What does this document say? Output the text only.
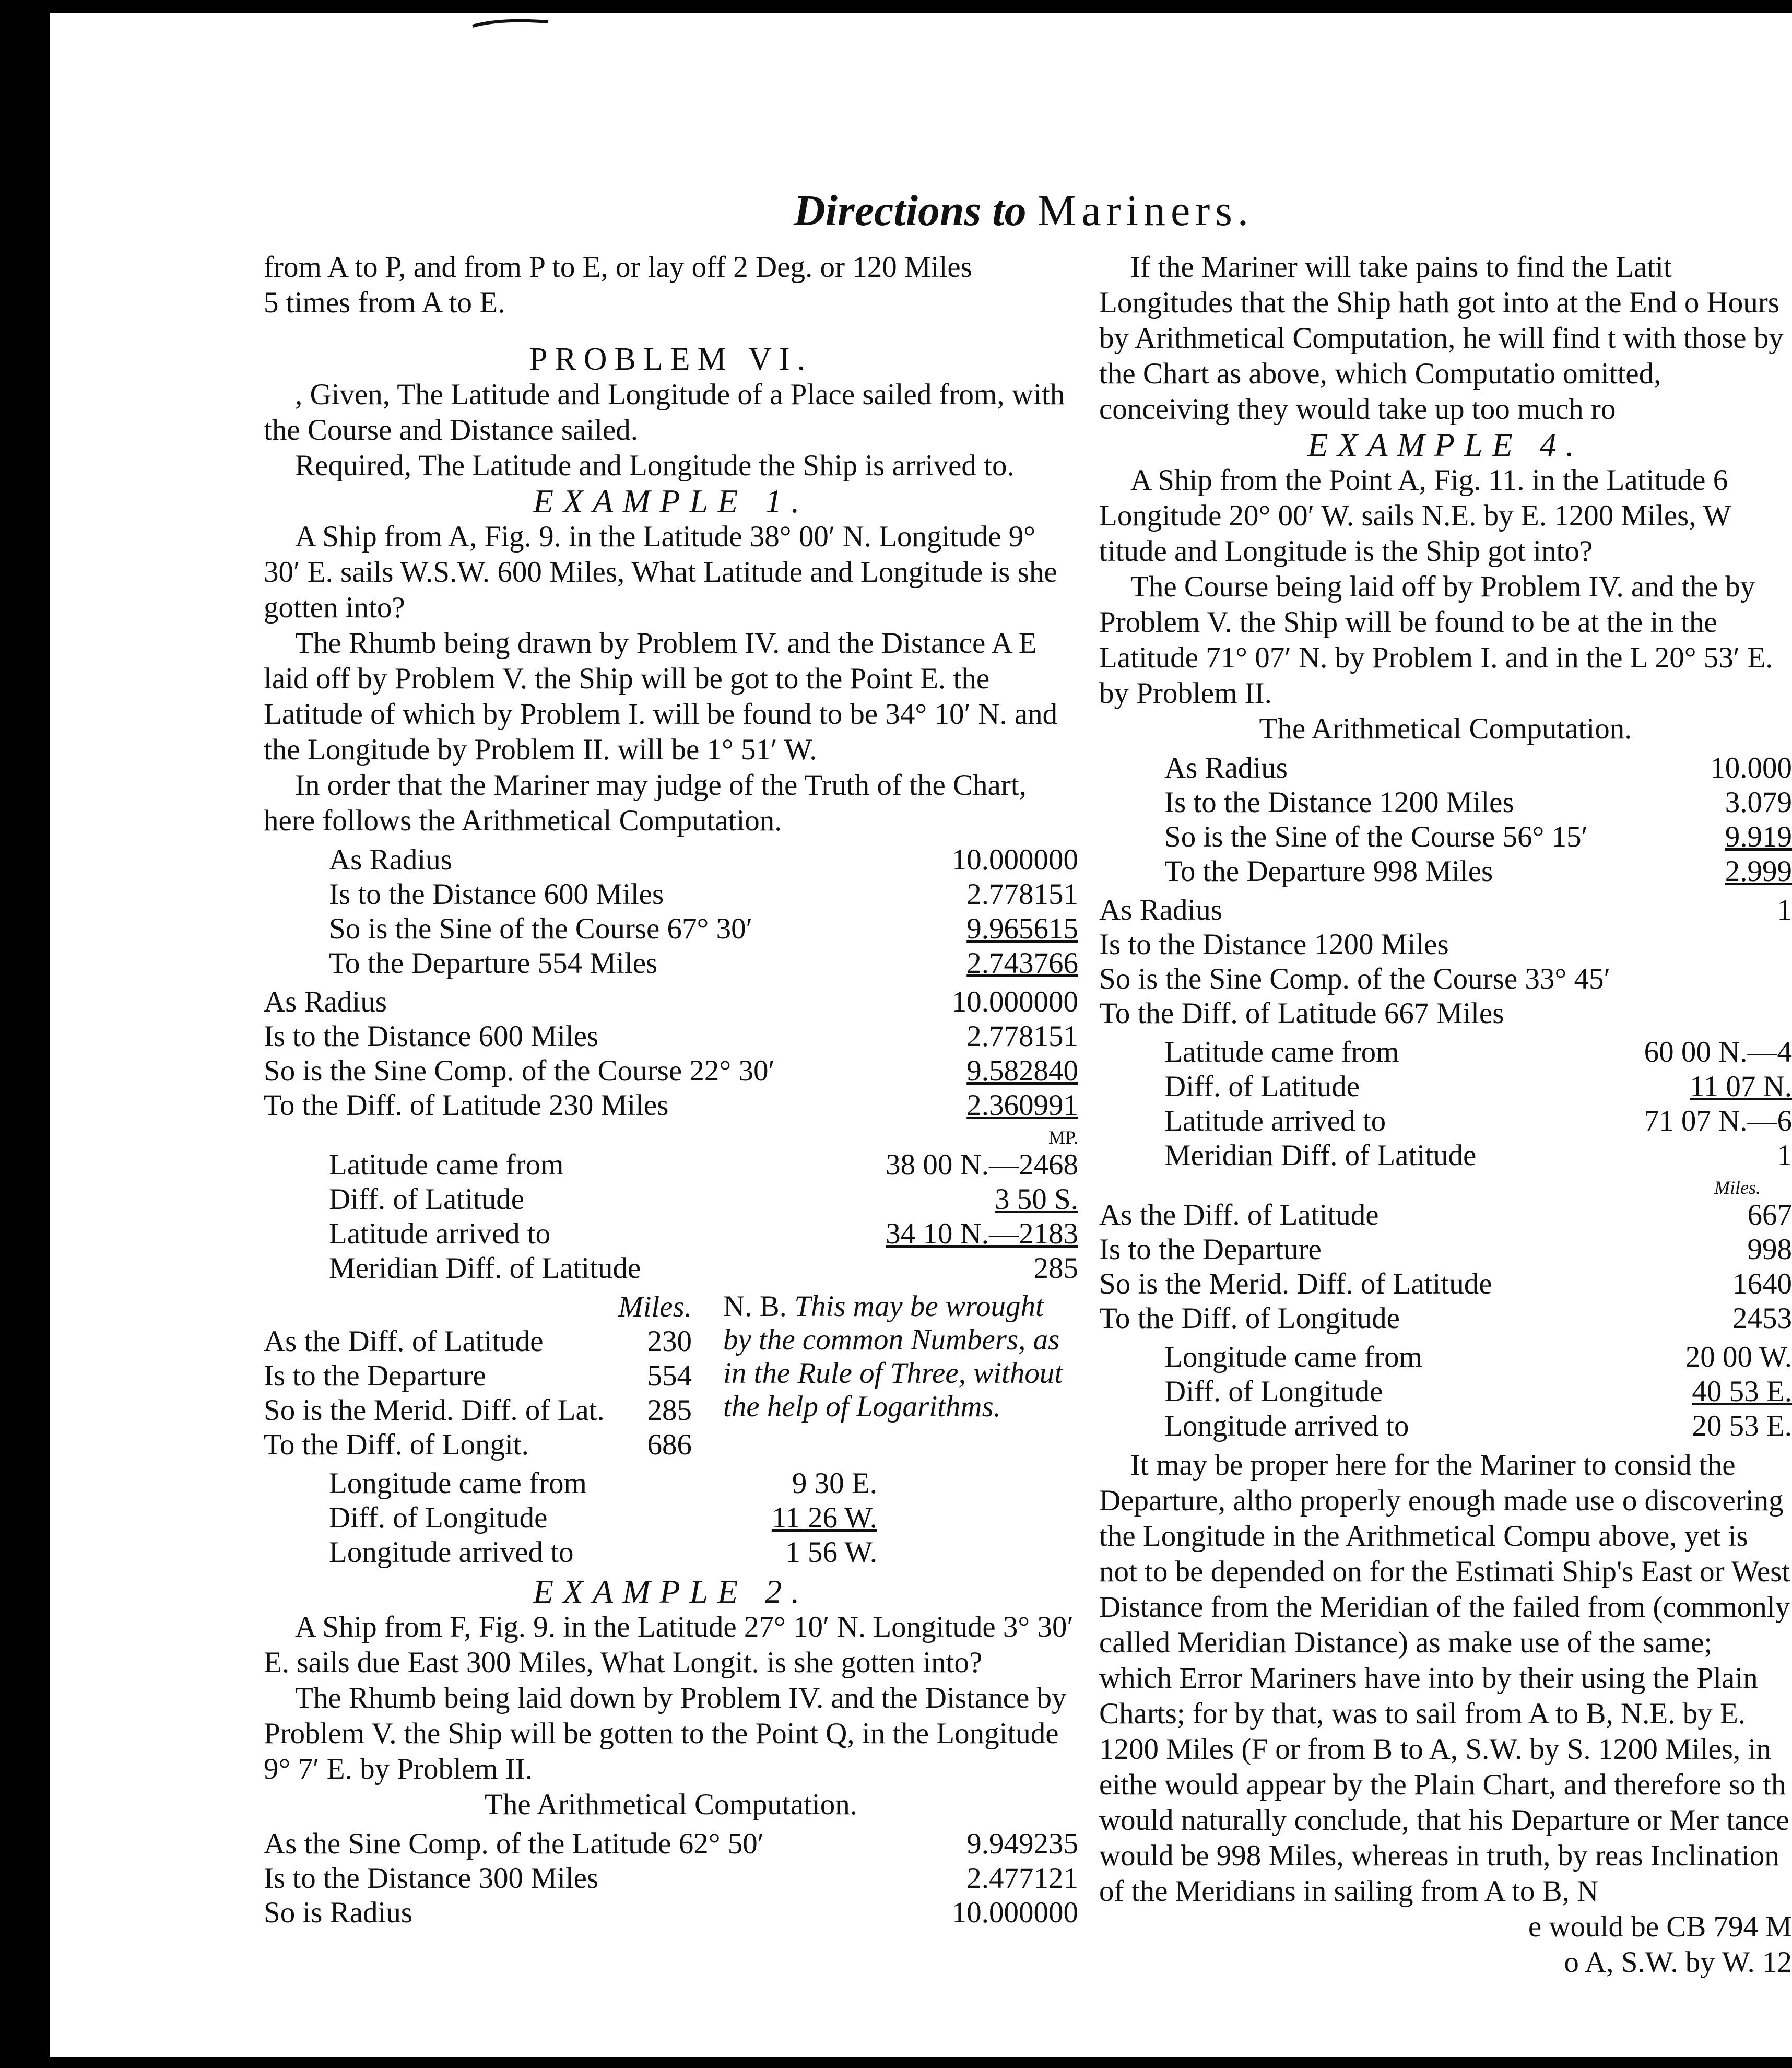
Directions to Mariners.

from A to P, and from P to E, or lay off 2 Deg. or 120 Miles

5 times from A to E.

PROBLEM VI.

, Given, The Latitude and Longitude of a Place sailed from, with the Course and Distance sailed.

Required, The Latitude and Longitude the Ship is arrived to.

EXAMPLE 1.

A Ship from A, Fig. 9. in the Latitude 38° 00′ N. Longitude 9° 30′ E. sails W.S.W. 600 Miles, What Latitude and Longitude is she gotten into?

The Rhumb being drawn by Problem IV. and the Distance A E laid off by Problem V. the Ship will be got to the Point E. the Latitude of which by Problem I. will be found to be 34° 10′ N. and the Longitude by Problem II. will be 1° 51′ W.

In order that the Mariner may judge of the Truth of the Chart, here follows the Arithmetical Computation.

As Radius	10.000000
Is to the Distance 600 Miles	2.778151
So is the Sine of the Course 67° 30′	9.965615
To the Departure 554 Miles	2.743766
As Radius	10.000000
Is to the Distance 600 Miles	2.778151
So is the Sine Comp. of the Course 22° 30′	9.582840
To the Diff. of Latitude 230 Miles	2.360991
MP.
Latitude came from	38 00 N.—2468
Diff. of Latitude	3 50 S.
Latitude arrived to	34 10 N.—2183
Meridian Diff. of Latitude	285
Miles.
As the Diff. of Latitude	230
Is to the Departure	554
So is the Merid. Diff. of Lat.	285
To the Diff. of Longit.	686
N. B. This may be wrought by the common Numbers, as in the Rule of Three, without the help of Logarithms.
Longitude came from	9 30 E.
Diff. of Longitude	11 26 W.
Longitude arrived to	1 56 W.

EXAMPLE 2.

A Ship from F, Fig. 9. in the Latitude 27° 10′ N. Longitude 3° 30′ E. sails due East 300 Miles, What Longit. is she gotten into?

The Rhumb being laid down by Problem IV. and the Distance by Problem V. the Ship will be gotten to the Point Q, in the Longitude 9° 7′ E. by Problem II.

The Arithmetical Computation.

As the Sine Comp. of the Latitude 62° 50′	9.949235
Is to the Distance 300 Miles	2.477121
So is Radius	10.000000

If the Mariner will take pains to find the Latit Longitudes that the Ship hath got into at the End o Hours by Arithmetical Computation, he will find t with those by the Chart as above, which Computatio omitted, conceiving they would take up too much ro

EXAMPLE 4.

A Ship from the Point A, Fig. 11. in the Latitude 6 Longitude 20° 00′ W. sails N.E. by E. 1200 Miles, W titude and Longitude is the Ship got into?

The Course being laid off by Problem IV. and the by Problem V. the Ship will be found to be at the in the Latitude 71° 07′ N. by Problem I. and in the L 20° 53′ E. by Problem II.

The Arithmetical Computation.

As Radius	10.000
Is to the Distance 1200 Miles	3.079
So is the Sine of the Course 56° 15′	9.919
To the Departure 998 Miles	2.999
As Radius	1
Is to the Distance 1200 Miles
So is the Sine Comp. of the Course 33° 45′
To the Diff. of Latitude 667 Miles
Latitude came from	60 00 N.—4
Diff. of Latitude	11 07 N.
Latitude arrived to	71 07 N.—6
Meridian Diff. of Latitude	1
Miles.
As the Diff. of Latitude	667
Is to the Departure	998
So is the Merid. Diff. of Latitude	1640
To the Diff. of Longitude	2453
Longitude came from	20 00 W.
Diff. of Longitude	40 53 E.
Longitude arrived to	20 53 E.

It may be proper here for the Mariner to consid the Departure, altho properly enough made use o discovering the Longitude in the Arithmetical Compu above, yet is not to be depended on for the Estimati Ship's East or West Distance from the Meridian of the failed from (commonly called Meridian Distance) as make use of the same; which Error Mariners have into by their using the Plain Charts; for by that, was to sail from A to B, N.E. by E. 1200 Miles (F or from B to A, S.W. by S. 1200 Miles, in eithe would appear by the Plain Chart, and therefore so th would naturally conclude, that his Departure or Mer tance would be 998 Miles, whereas in truth, by reas Inclination of the Meridians in sailing from A to B, N

e would be CB 794 M

o A, S.W. by W. 12
